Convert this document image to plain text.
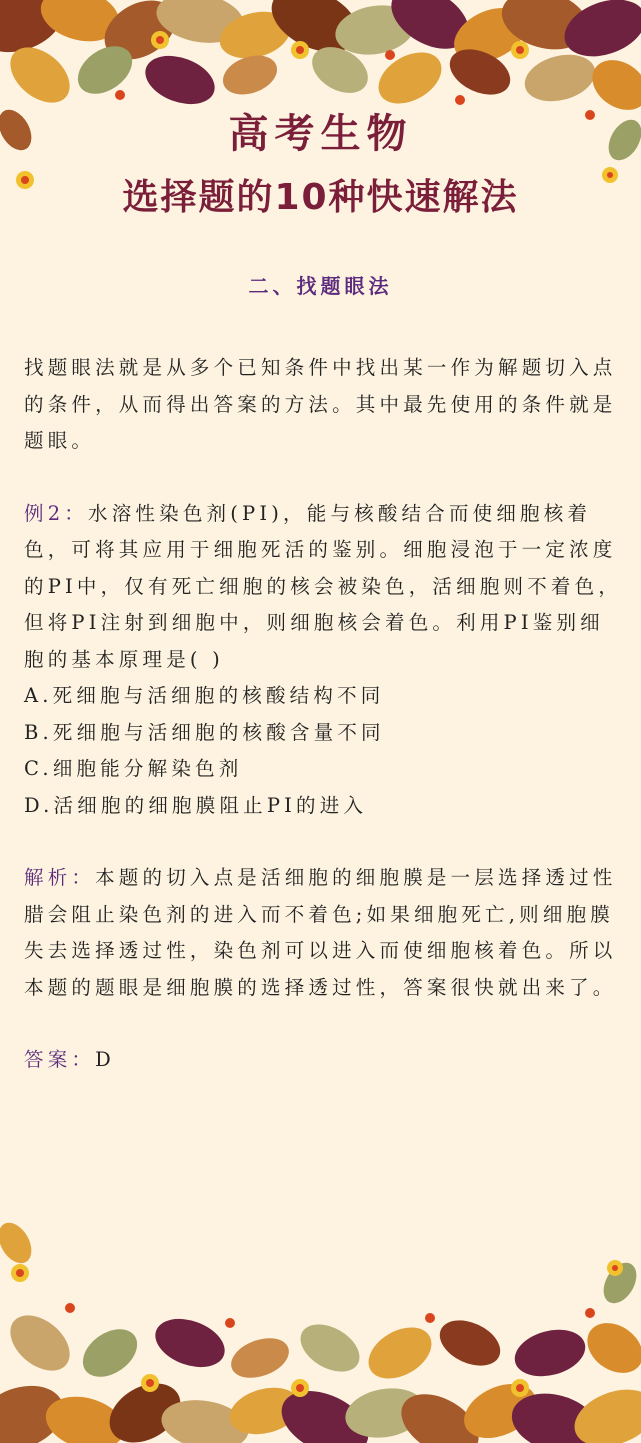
高考生物
选择题的10种快速解法
二、找题眼法

找题眼法就是从多个已知条件中找出某一作为解题切入点的条件，从而得出答案的方法。其中最先使用的条件就是题眼。

例2：水溶性染色剂(PI)，能与核酸结合而使细胞核着色，可将其应用于细胞死活的鉴别。细胞浸泡于一定浓度的PI中，仅有死亡细胞的核会被染色，活细胞则不着色，但将PI注射到细胞中，则细胞核会着色。利用PI鉴别细胞的基本原理是( )
A.死细胞与活细胞的核酸结构不同
B.死细胞与活细胞的核酸含量不同
C.细胞能分解染色剂
D.活细胞的细胞膜阻止PI的进入

解析：本题的切入点是活细胞的细胞膜是一层选择透过性腊会阻止染色剂的进入而不着色;如果细胞死亡,则细胞膜失去选择透过性，染色剂可以进入而使细胞核着色。所以本题的题眼是细胞膜的选择透过性，答案很快就出来了。

答案：D
